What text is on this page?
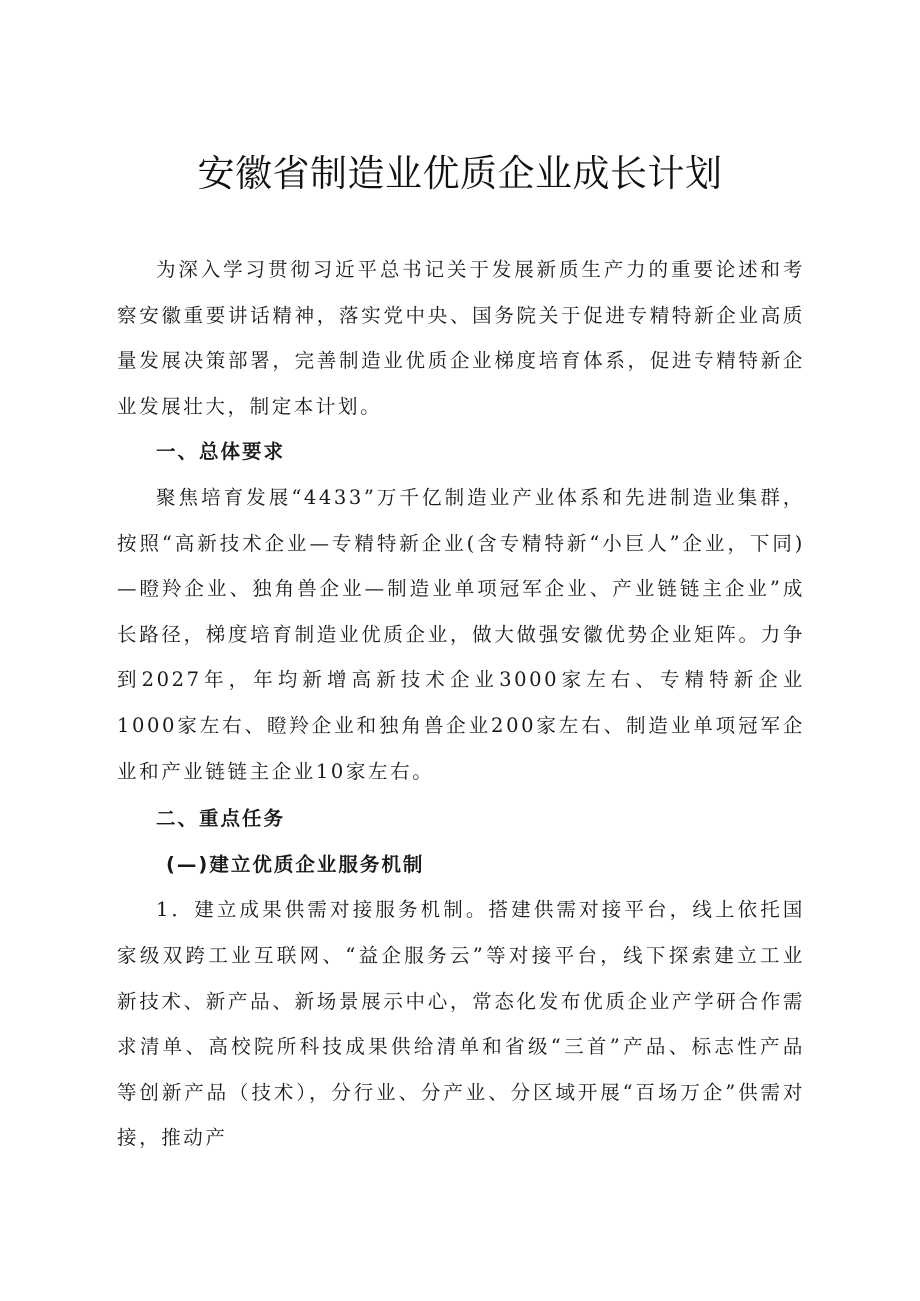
安徽省制造业优质企业成长计划

为深入学习贯彻习近平总书记关于发展新质生产力的重要论述和考察安徽重要讲话精神，落实党中央、国务院关于促进专精特新企业高质量发展决策部署，完善制造业优质企业梯度培育体系，促进专精特新企业发展壮大，制定本计划。

一、总体要求

聚焦培育发展“4433”万千亿制造业产业体系和先进制造业集群，按照“高新技术企业—专精特新企业(含专精特新“小巨人”企业，下同)—瞪羚企业、独角兽企业—制造业单项冠军企业、产业链链主企业”成长路径，梯度培育制造业优质企业，做大做强安徽优势企业矩阵。力争到2027年，年均新增高新技术企业3000家左右、专精特新企业1000家左右、瞪羚企业和独角兽企业200家左右、制造业单项冠军企业和产业链链主企业10家左右。

二、重点任务

(—)建立优质企业服务机制

1．建立成果供需对接服务机制。搭建供需对接平台，线上依托国家级双跨工业互联网、“益企服务云”等对接平台，线下探索建立工业新技术、新产品、新场景展示中心，常态化发布优质企业产学研合作需求清单、高校院所科技成果供给清单和省级“三首”产品、标志性产品等创新产品（技术），分行业、分产业、分区域开展“百场万企”供需对接，推动产
